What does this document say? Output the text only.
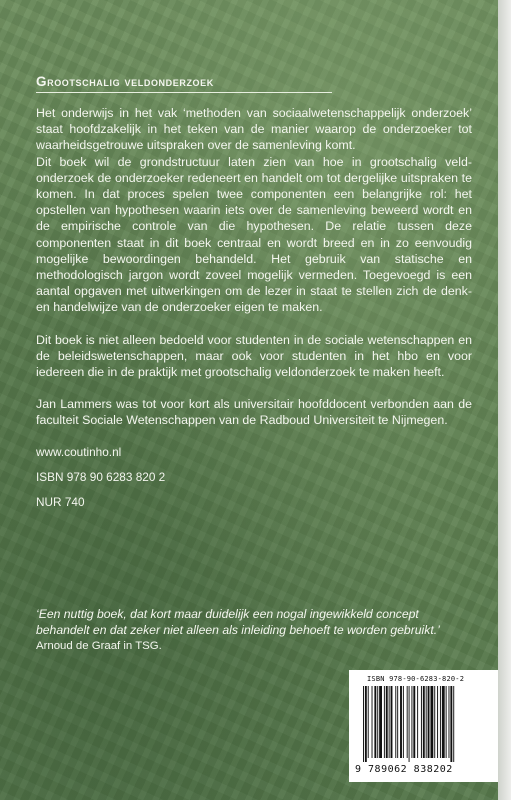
Grootschalig veldonderzoek

Het onderwijs in het vak ‘methoden van sociaalwetenschappelijk onderzoek’ staat hoofdzakelijk in het teken van de manier waarop de onderzoeker tot waarheidsgetrouwe uitspraken over de samenleving komt.

Dit boek wil de grondstructuur laten zien van hoe in grootschalig veld-onderzoek de onderzoeker redeneert en handelt om tot dergelijke uitspraken te komen. In dat proces spelen twee componenten een belangrijke rol: het opstellen van hypothesen waarin iets over de samenleving beweerd wordt en de empirische controle van die hypothesen. De relatie tussen deze componenten staat in dit boek centraal en wordt breed en in zo eenvoudig mogelijke bewoordingen behandeld. Het gebruik van statische en methodologisch jargon wordt zoveel mogelijk vermeden. Toegevoegd is een aantal opgaven met uitwerkingen om de lezer in staat te stellen zich de denk- en handelwijze van de onderzoeker eigen te maken.

Dit boek is niet alleen bedoeld voor studenten in de sociale wetenschappen en de beleidswetenschappen, maar ook voor studenten in het hbo en voor iedereen die in de praktijk met grootschalig veldonderzoek te maken heeft.

Jan Lammers was tot voor kort als universitair hoofddocent verbonden aan de faculteit Sociale Wetenschappen van de Radboud Universiteit te Nijmegen.

www.coutinho.nl

ISBN 978 90 6283 820 2

NUR 740

‘Een nuttig boek, dat kort maar duidelijk een nogal ingewikkeld concept behandelt en dat zeker niet alleen als inleiding behoeft te worden gebruikt.’
Arnoud de Graaf in TSG.
ISBN 978-90-6283-820-2
9 789062 838202
